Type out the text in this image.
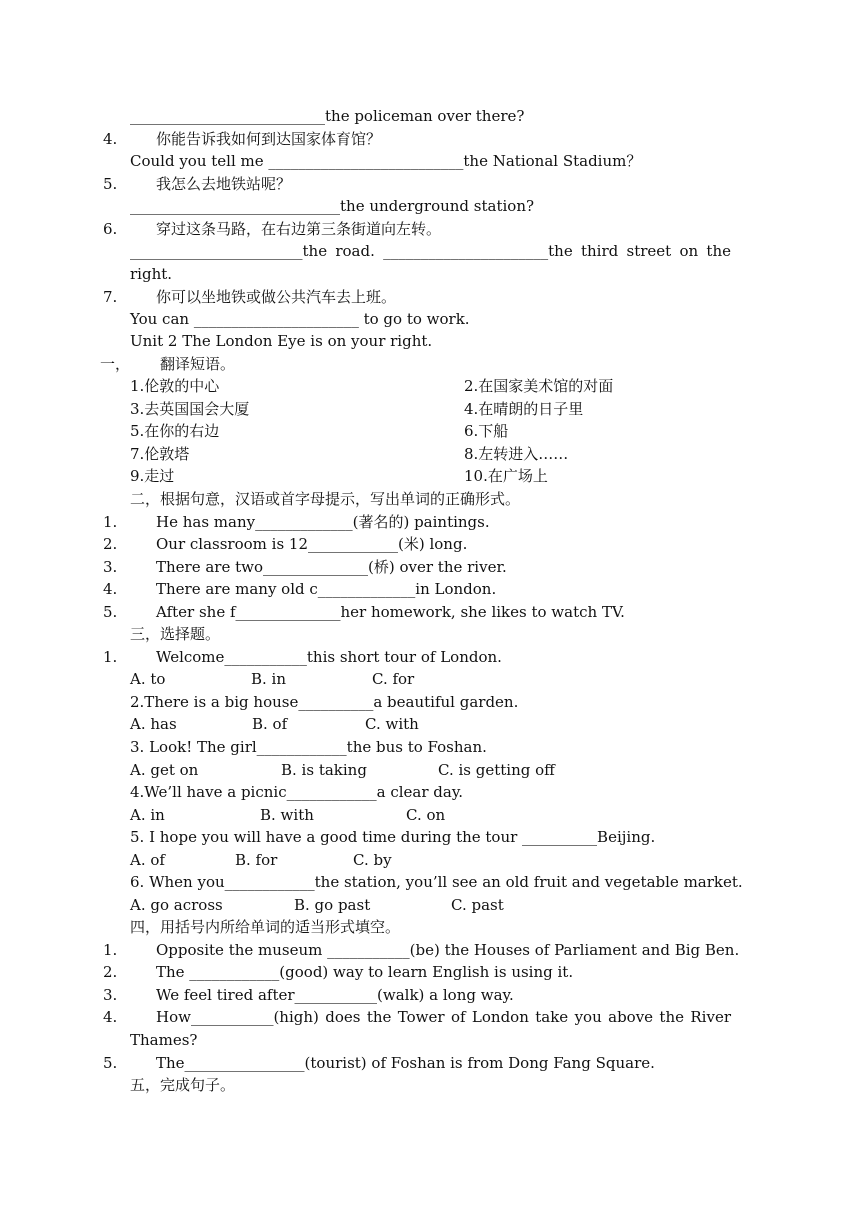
__________________________the policeman over there?
4.	你能告诉我如何到达国家体育馆？
Could you tell me __________________________the National Stadium？
5.	我怎么去地铁站呢？
____________________________the underground station?
6.	穿过这条马路，在右边第三条街道向左转。
_______________________the road. ______________________the third street on the
right.
7.	你可以坐地铁或做公共汽车去上班。
You can ______________________ to go to work.
Unit 2 The London Eye is on your right.
一， 翻译短语。
1.伦敦的中心	2.在国家美术馆的对面
3.去英国国会大厦	4.在晴朗的日子里
5.在你的右边	6.下船
7.伦敦塔	8.左转进入……
9.走过	10.在广场上
二，根据句意，汉语或首字母提示，写出单词的正确形式。
1.	He has many_____________(著名的) paintings.
2.	Our classroom is 12____________(米) long.
3.	There are two______________(桥) over the river.
4.	There are many old c_____________in London.
5.	After she f______________her homework, she likes to watch TV.
三，选择题。
1.	Welcome___________this short tour of London.
A. to	B. in	C. for
2.There is a big house__________a beautiful garden.
A. has	B. of	C. with
3. Look! The girl____________the bus to Foshan.
A. get on	B. is taking	C. is getting off
4.We’ll have a picnic____________a clear day.
A. in	B. with	C. on
5. I hope you will have a good time during the tour __________Beijing.
A. of	B. for	C. by
6. When you____________the station, you’ll see an old fruit and vegetable market.
A. go across	B. go past	C. past
四，用括号内所给单词的适当形式填空。
1.	Opposite the museum ___________(be) the Houses of Parliament and Big Ben.
2.	The ____________(good) way to learn English is using it.
3.	We feel tired after___________(walk) a long way.
4.	How___________(high) does the Tower of London take you above the River
Thames?
5.	The________________(tourist) of Foshan is from Dong Fang Square.
五，完成句子。
